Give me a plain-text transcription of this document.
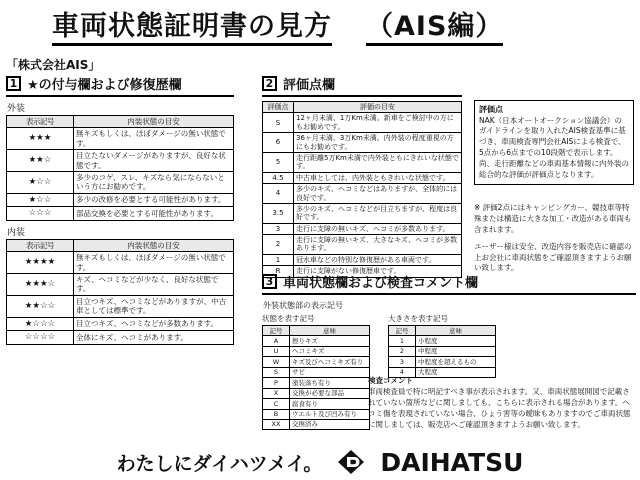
車両状態証明書の見方 （AIS編）
「株式会社AIS」
1 ★の付与欄および修復歴欄
外装
表示記号	内装状態の目安
★★★	無キズもしくは、ほぼダメージの無い状態です。
★★☆	目立たないダメージがありますが、良好な状態です。
★☆☆	多少のコゲ、スレ、キズなら気にならないという方にお勧めです。
★☆☆	多少の改修を必要とする可能性があります。
☆☆☆	部品交換を必要とする可能性があります。
内装
表示記号	内装状態の目安
★★★★	無キズもしくは、ほぼダメージの無い状態です。
★★★☆	キズ、ヘコミなどが少なく、良好な状態です。
★★☆☆	目立つキズ、ヘコミなどがありますが、中古車としては標準です。
★☆☆☆	目立つキズ、ヘコミなどが多数あります。
☆☆☆☆	全体にキズ、ヘコミがあります。
2 評価点欄
評価点	評価の目安
S	12ヶ月未満、1万Km未満。新車をご検討中の方にもお勧めです。
6	36ヶ月未満、3万Km未満。内外装の程度重視の方にもお勧めです。
5	走行距離5万Km未満で内外装ともにきれいな状態です。
4.5	中古車としては、内外装ともきれいな状態です。
4	多少のキズ、ヘコミなどはありますが、全体的には良好です。
3.5	多少のキズ、ヘコミなどが目立ちますが、程度は良好です。
3	走行に支障の無いキズ、ヘコミが多数あります。
2	走行に支障の無いキズ、大きなキズ、ヘコミが多数あります。
1	冠水車などの特別な修復歴がある車両です。
R	走行に支障がない修復歴車です。
評価点
NAK（日本オートオークション協議会）のガイドラインを取り入れたAIS検査基準に基づき、車両検査専門会社AISによる検査で、5点から6点までの10段階で表示します。尚、走行距離などの車両基本情報に内外装の総合的な評価が評価点となります。

※ 評価2点にはキャンピングカー、競技車等特殊または構造に大きな加工・改造がある車両も含まれます。

ユーザー様は安全、改造内容を販売店に確認の上お会社に車両状態をご確認頂きますようお願い致します。

3 車両状態欄および検査コメント欄
外装状態部の表示記号
状態を表す記号
記号	意味
A	擦りキズ
U	ヘコミキズ
W	キズ及びヘコミキズ有り
S	サビ
P	塗装落ち有り
X	交換が必要な部品
C	腐食有り
B	ウエルト及び凹み有り
XX	交換済み
大きさを表す記号
記号	意味
1	小程度
2	中程度
3	中程度を超えるもの
4	大程度
検査コメント
車両検査員で特に明記すべき事が表示されます。又、車両状態展開図で記載されていない箇所などに関しましても、こちらに表示される場合があります。ヘコミ傷を表現されていない場合、ひょう害等の曖昧もありますのでご車両状態に関しましては、販売店へご確認頂きますようお願い致します。
わたしにダイハツメイ。 DAIHATSU
